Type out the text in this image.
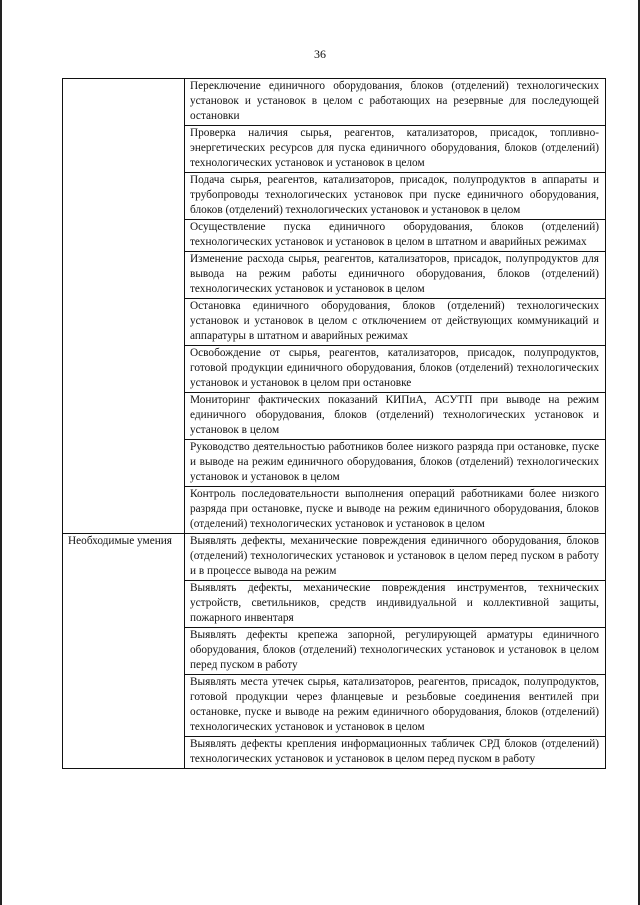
36
	Переключение единичного оборудования, блоков (отделений) технологических установок и установок в целом с работающих на резервные для последующей остановки
	Проверка наличия сырья, реагентов, катализаторов, присадок, топливно-энергетических ресурсов для пуска единичного оборудования, блоков (отделений) технологических установок и установок в целом
	Подача сырья, реагентов, катализаторов, присадок, полупродуктов в аппараты и трубопроводы технологических установок при пуске единичного оборудования, блоков (отделений) технологических установок и установок в целом
	Осуществление пуска единичного оборудования, блоков (отделений) технологических установок и установок в целом в штатном и аварийных режимах
	Изменение расхода сырья, реагентов, катализаторов, присадок, полупродуктов для вывода на режим работы единичного оборудования, блоков (отделений) технологических установок и установок в целом
	Остановка единичного оборудования, блоков (отделений) технологических установок и установок в целом с отключением от действующих коммуникаций и аппаратуры в штатном и аварийных режимах
	Освобождение от сырья, реагентов, катализаторов, присадок, полупродуктов, готовой продукции единичного оборудования, блоков (отделений) технологических установок и установок в целом при остановке
	Мониторинг фактических показаний КИПиА, АСУТП при выводе на режим единичного оборудования, блоков (отделений) технологических установок и установок в целом
	Руководство деятельностью работников более низкого разряда при остановке, пуске и выводе на режим единичного оборудования, блоков (отделений) технологических установок и установок в целом
	Контроль последовательности выполнения операций работниками более низкого разряда при остановке, пуске и выводе на режим единичного оборудования, блоков (отделений) технологических установок и установок в целом
Необходимые умения	Выявлять дефекты, механические повреждения единичного оборудования, блоков (отделений) технологических установок и установок в целом перед пуском в работу и в процессе вывода на режим
	Выявлять дефекты, механические повреждения инструментов, технических устройств, светильников, средств индивидуальной и коллективной защиты, пожарного инвентаря
	Выявлять дефекты крепежа запорной, регулирующей арматуры единичного оборудования, блоков (отделений) технологических установок и установок в целом перед пуском в работу
	Выявлять места утечек сырья, катализаторов, реагентов, присадок, полупродуктов, готовой продукции через фланцевые и резьбовые соединения вентилей при остановке, пуске и выводе на режим единичного оборудования, блоков (отделений) технологических установок и установок в целом
	Выявлять дефекты крепления информационных табличек СРД блоков (отделений) технологических установок и установок в целом перед пуском в работу
